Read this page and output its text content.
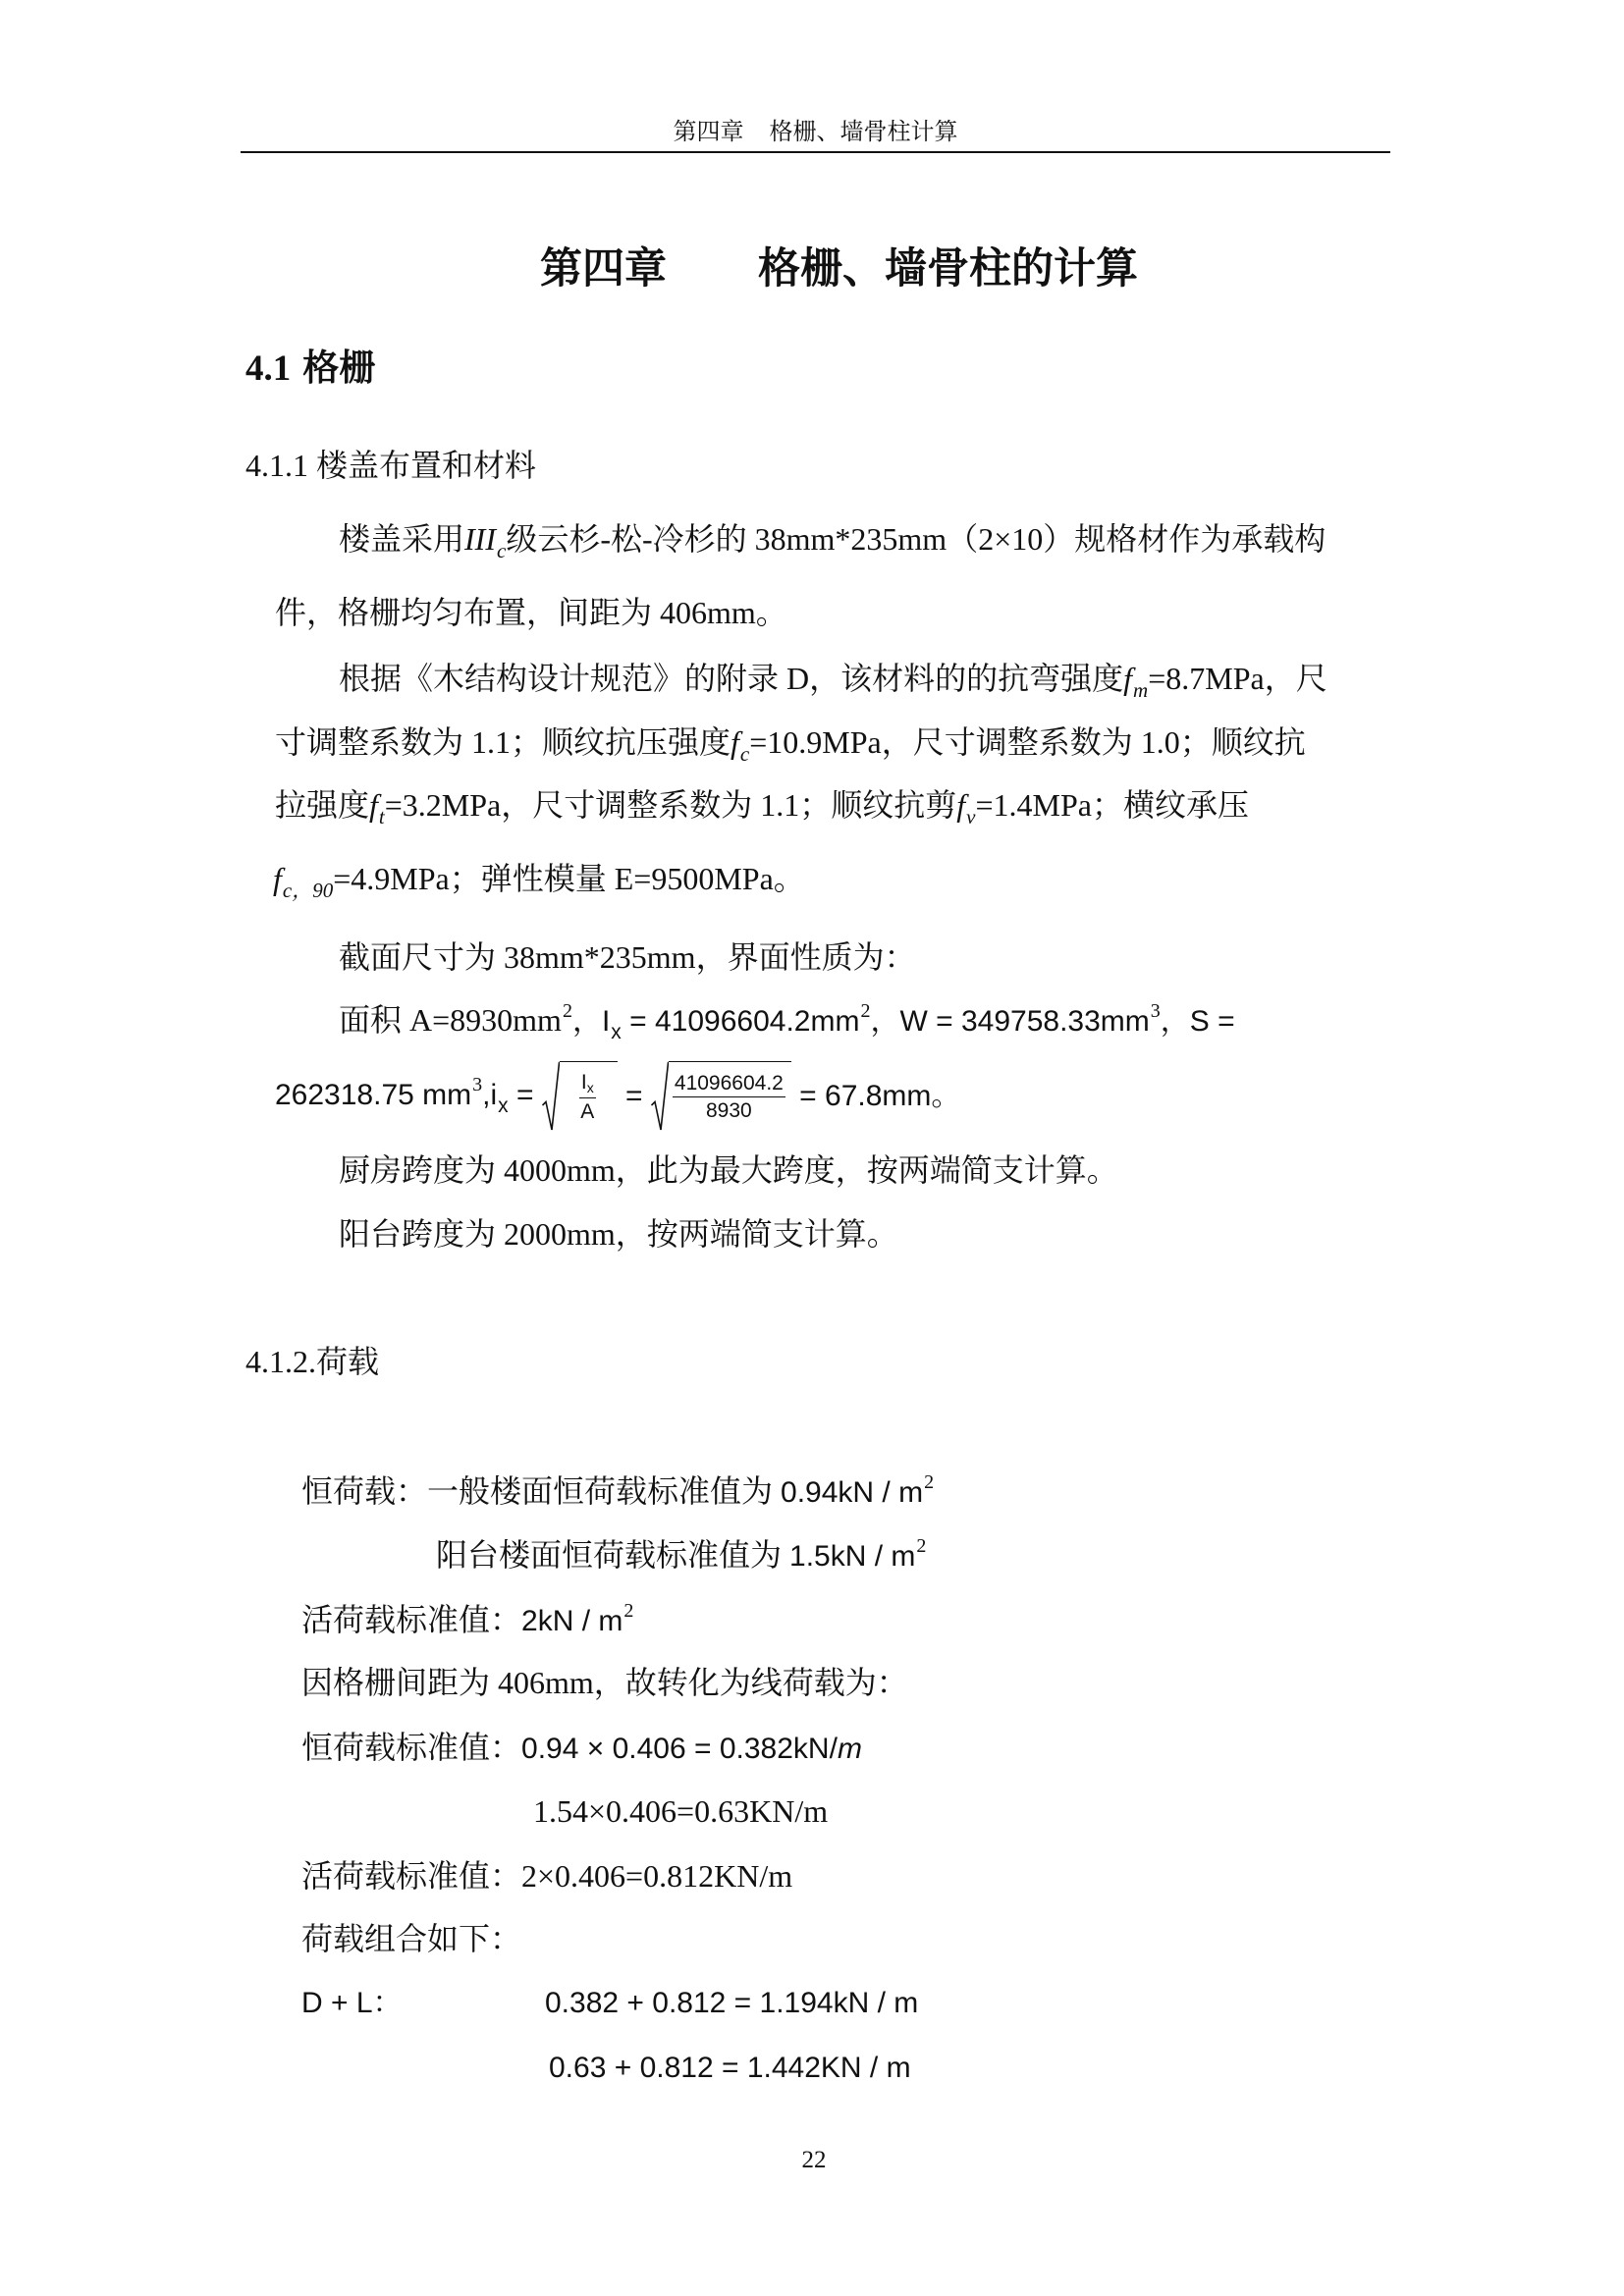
第四章 格栅、墙骨柱计算
第四章 格栅、墙骨柱的计算
4.1 格栅
4.1.1 楼盖布置和材料
楼盖采用 III c 级云杉-松-冷杉的 38mm*235mm（2×10）规格材作为承载构
件，格栅均匀布置，间距为 406mm。
根据《木结构设计规范》的附录 D，该材料的的抗弯强度 f m =8.7MPa，尺
寸调整系数为 1.1；顺纹抗压强度 f c =10.9MPa，尺寸调整系数为 1.0；顺纹抗
拉强度 f t =3.2MPa，尺寸调整系数为 1.1；顺纹抗剪 f v =1.4MPa；横纹承压
f c，90 =4.9MPa；弹性模量 E=9500MPa。
截面尺寸为 38mm*235mm，界面性质为：
面积 A=8930mm 2 ，I x = 41096604.2mm 2 ，W = 349758.33mm 3 ，S =
262318.75 mm 3 ,i $x = \frac{\text{I x}}{A} = \frac{41096604.2}{8930} = 67.8mm$。
厨房跨度为 4000mm，此为最大跨度，按两端简支计算。
阳台跨度为 2000mm，按两端简支计算。
4.1.2.荷载
恒荷载：一般楼面恒荷载标准值为 0.94kN / m 2
阳台楼面恒荷载标准值为 1.5kN / m 2
活荷载标准值： 2kN / m 2
因格栅间距为 406mm，故转化为线荷载为：
恒荷载标准值： 0.94 × 0.406 = 0.382kN/ m
1.54×0.406=0.63KN/m
活荷载标准值：2×0.406=0.812KN/m
荷载组合如下：
D + L：	0.382 + 0.812 = 1.194kN / m
0.63 + 0.812 = 1.442KN / m
22
